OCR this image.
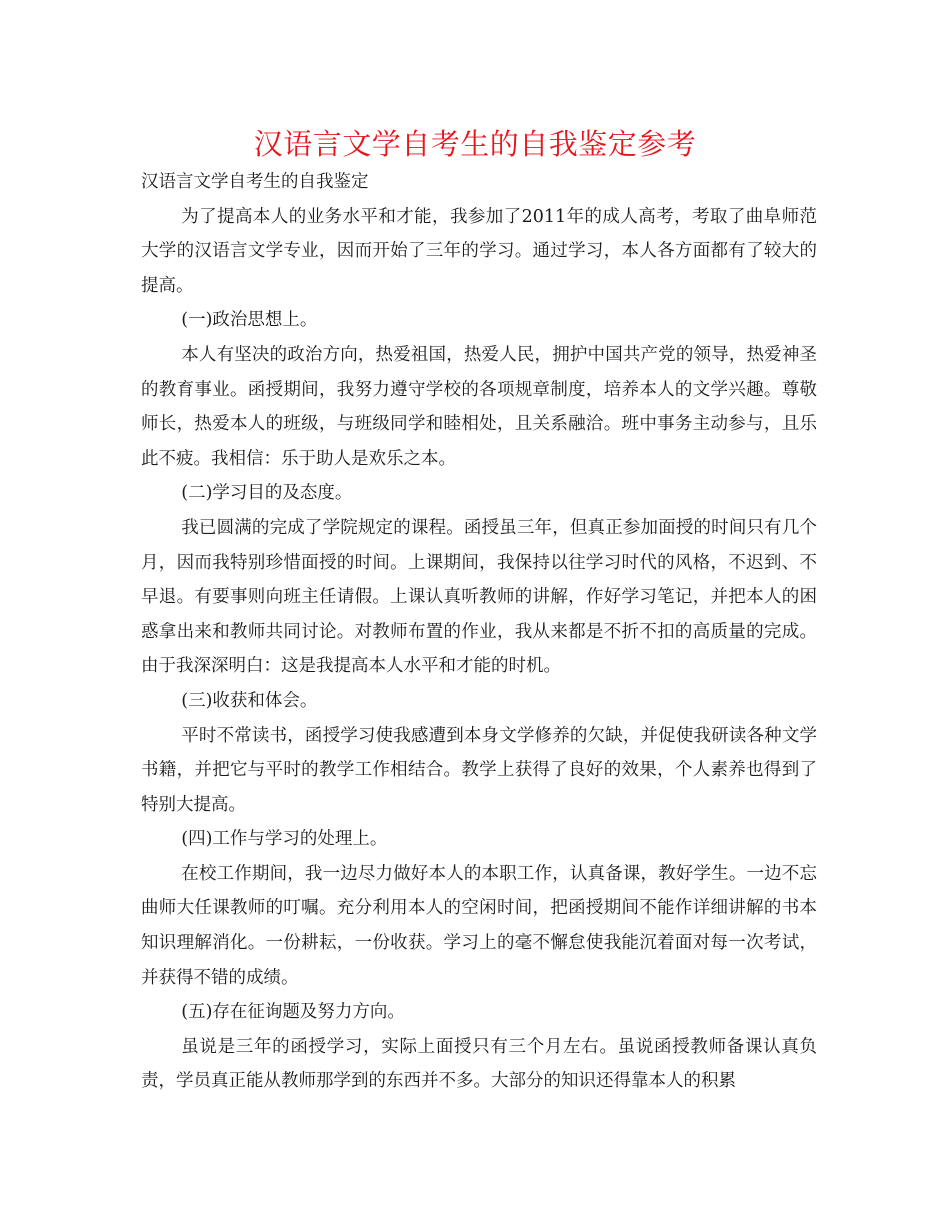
汉语言文学自考生的自我鉴定参考

汉语言文学自考生的自我鉴定

为了提高本人的业务水平和才能，我参加了2011年的成人高考，考取了曲阜师范大学的汉语言文学专业，因而开始了三年的学习。通过学习，本人各方面都有了较大的提高。

(一)政治思想上。

本人有坚决的政治方向，热爱祖国，热爱人民，拥护中国共产党的领导，热爱神圣的教育事业。函授期间，我努力遵守学校的各项规章制度，培养本人的文学兴趣。尊敬师长，热爱本人的班级，与班级同学和睦相处，且关系融洽。班中事务主动参与，且乐此不疲。我相信：乐于助人是欢乐之本。

(二)学习目的及态度。

我已圆满的完成了学院规定的课程。函授虽三年，但真正参加面授的时间只有几个月，因而我特别珍惜面授的时间。上课期间，我保持以往学习时代的风格，不迟到、不早退。有要事则向班主任请假。上课认真听教师的讲解，作好学习笔记，并把本人的困惑拿出来和教师共同讨论。对教师布置的作业，我从来都是不折不扣的高质量的完成。由于我深深明白：这是我提高本人水平和才能的时机。

(三)收获和体会。

平时不常读书，函授学习使我感遭到本身文学修养的欠缺，并促使我研读各种文学书籍，并把它与平时的教学工作相结合。教学上获得了良好的效果，个人素养也得到了特别大提高。

(四)工作与学习的处理上。

在校工作期间，我一边尽力做好本人的本职工作，认真备课，教好学生。一边不忘曲师大任课教师的叮嘱。充分利用本人的空闲时间，把函授期间不能作详细讲解的书本知识理解消化。一份耕耘，一份收获。学习上的毫不懈怠使我能沉着面对每一次考试，并获得不错的成绩。

(五)存在征询题及努力方向。

虽说是三年的函授学习，实际上面授只有三个月左右。虽说函授教师备课认真负责，学员真正能从教师那学到的东西并不多。大部分的知识还得靠本人的积累
